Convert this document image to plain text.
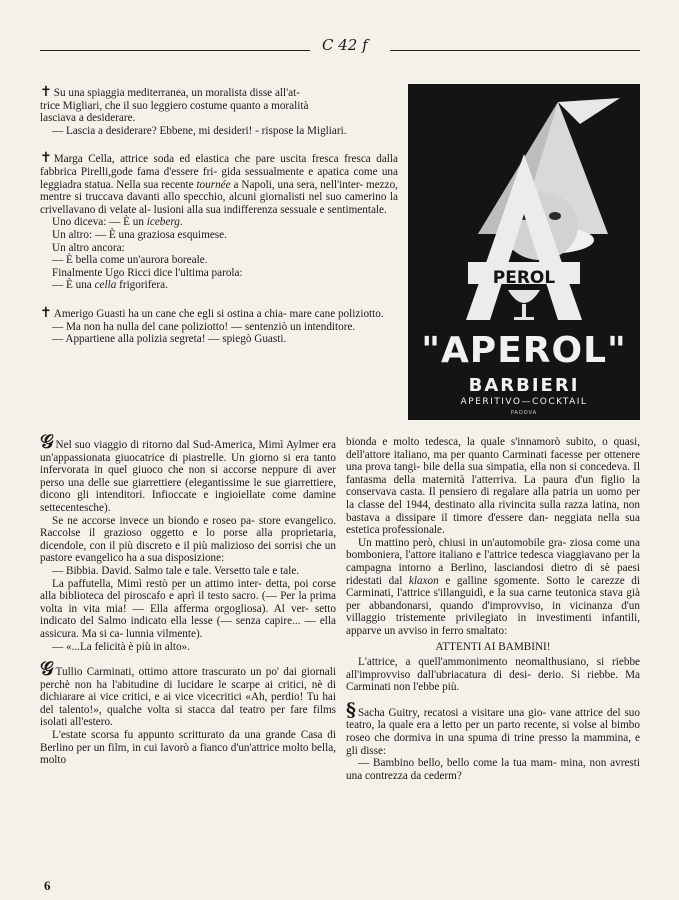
C 42 f

✝ Su una spiaggia mediterranea, un moralista disse all'at-
trice Migliari, che il suo leggiero costume quanto a moralità
lasciava a desiderare.

— Lascia a desiderare? Ebbene, mi desideri! - rispose la Migliari.

✝ Marga Cella, attrice soda ed elastica che pare uscita fresca fresca dalla fabbrica Pirelli,gode fama d'essere fri- gida sessualmente e apatica come una leggiadra statua. Nella sua recente tournée a Napoli, una sera, nell'inter- mezzo, mentre si truccava davanti allo specchio, alcuni giornalisti nel suo camerino la crivellavano di velate al- lusioni alla sua indifferenza sessuale e sentimentale.

Uno diceva: — È un iceberg.

Un altro: — È una graziosa esquimese.

Un altro ancora:

— È bella come un'aurora boreale.

Finalmente Ugo Ricci dice l'ultima parola:

— È una cella frigorifera.

✝ Amerigo Guasti ha un cane che egli si ostina a chia- mare cane poliziotto.

— Ma non ha nulla del cane poliziotto! — sentenziò un intenditore.

— Appartiene alla polizia segreta! — spiegò Guasti.

PEROL
"APEROL"
BARBIERI
APERITIVO—COCKTAIL
PADOVA

𝒢 Nel suo viaggio di ritorno dal Sud-America, Mimì Aylmer era un'appassionata giuocatrice di piastrelle. Un giorno si era tanto infervorata in quel giuoco che non si accorse neppure di aver perso una delle sue giarrettiere (elegantissime le sue giarrettiere, dicono gli intenditori. Infioccate e ingioiellate come damine settecentesche).

Se ne accorse invece un biondo e roseo pa- store evangelico. Raccolse il grazioso oggetto e lo porse alla proprietaria, dicendole, con il più discreto e il più malizioso dei sorrisi che un pastore evangelico ha a sua disposizione:

— Bibbia. David. Salmo tale e tale. Versetto tale e tale.

La paffutella, Mimì restò per un attimo inter- detta, poi corse alla biblioteca del piroscafo e aprì il testo sacro. (— Per la prima volta in vita mia! — Ella afferma orgogliosa). Al ver- setto indicato del Salmo indicato ella lesse (— senza capire... — ella assicura. Ma si ca- lunnia vilmente).

— «...La felicità è più in alto».

𝒢 Tullio Carminati, ottimo attore trascurato un po' dai giornali perchè non ha l'abitudine di lucidare le scarpe ai critici, nè di dichiarare ai vice critici, e ai vice vicecritici «Ah, perdio! Tu hai del talento!», qualche volta si stacca dal teatro per fare films isolati all'estero.

L'estate scorsa fu appunto scritturato da una grande Casa di Berlino per un film, in cui lavorò a fianco d'un'attrice molto bella, molto

bionda e molto tedesca, la quale s'innamorò subito, o quasi, dell'attore italiano, ma per quanto Carminati facesse per ottenere una prova tangi- bile della sua simpatia, ella non si concedeva. Il fantasma della maternità l'atterriva. La paura d'un figlio la conservava casta. Il pensiero di regalare alla patria un uomo per la classe del 1944, destinato alla rivincita sulla razza latina, non bastava a dissipare il timore d'essere dan- neggiata nella sua estetica professionale.

Un mattino però, chiusi in un'automobile gra- ziosa come una bomboniera, l'attore italiano e l'attrice tedesca viaggiavano per la campagna intorno a Berlino, lasciandosi dietro di sè paesi ridestati dal klaxon e galline sgomente. Sotto le carezze di Carminati, l'attrice s'illanguidì, e la sua carne teutonica stava già per abbandonarsi, quando d'improvviso, in vicinanza d'un villaggio tristemente privilegiato in investimenti infantili, apparve un avviso in ferro smaltato:

ATTENTI AI BAMBINI!

L'attrice, a quell'ammonimento neomalthusiano, si riebbe all'improvviso dall'ubriacatura di desi- derio. Si riebbe. Ma Carminati non l'ebbe più.

§ Sacha Guitry, recatosi a visitare una gio- vane attrice del suo teatro, la quale era a letto per un parto recente, si volse al bimbo roseo che dormiva in una spuma di trine presso la mammina, e gli disse:

— Bambino bello, bello come la tua mam- mina, non avresti una contrezza da cederm?

6
